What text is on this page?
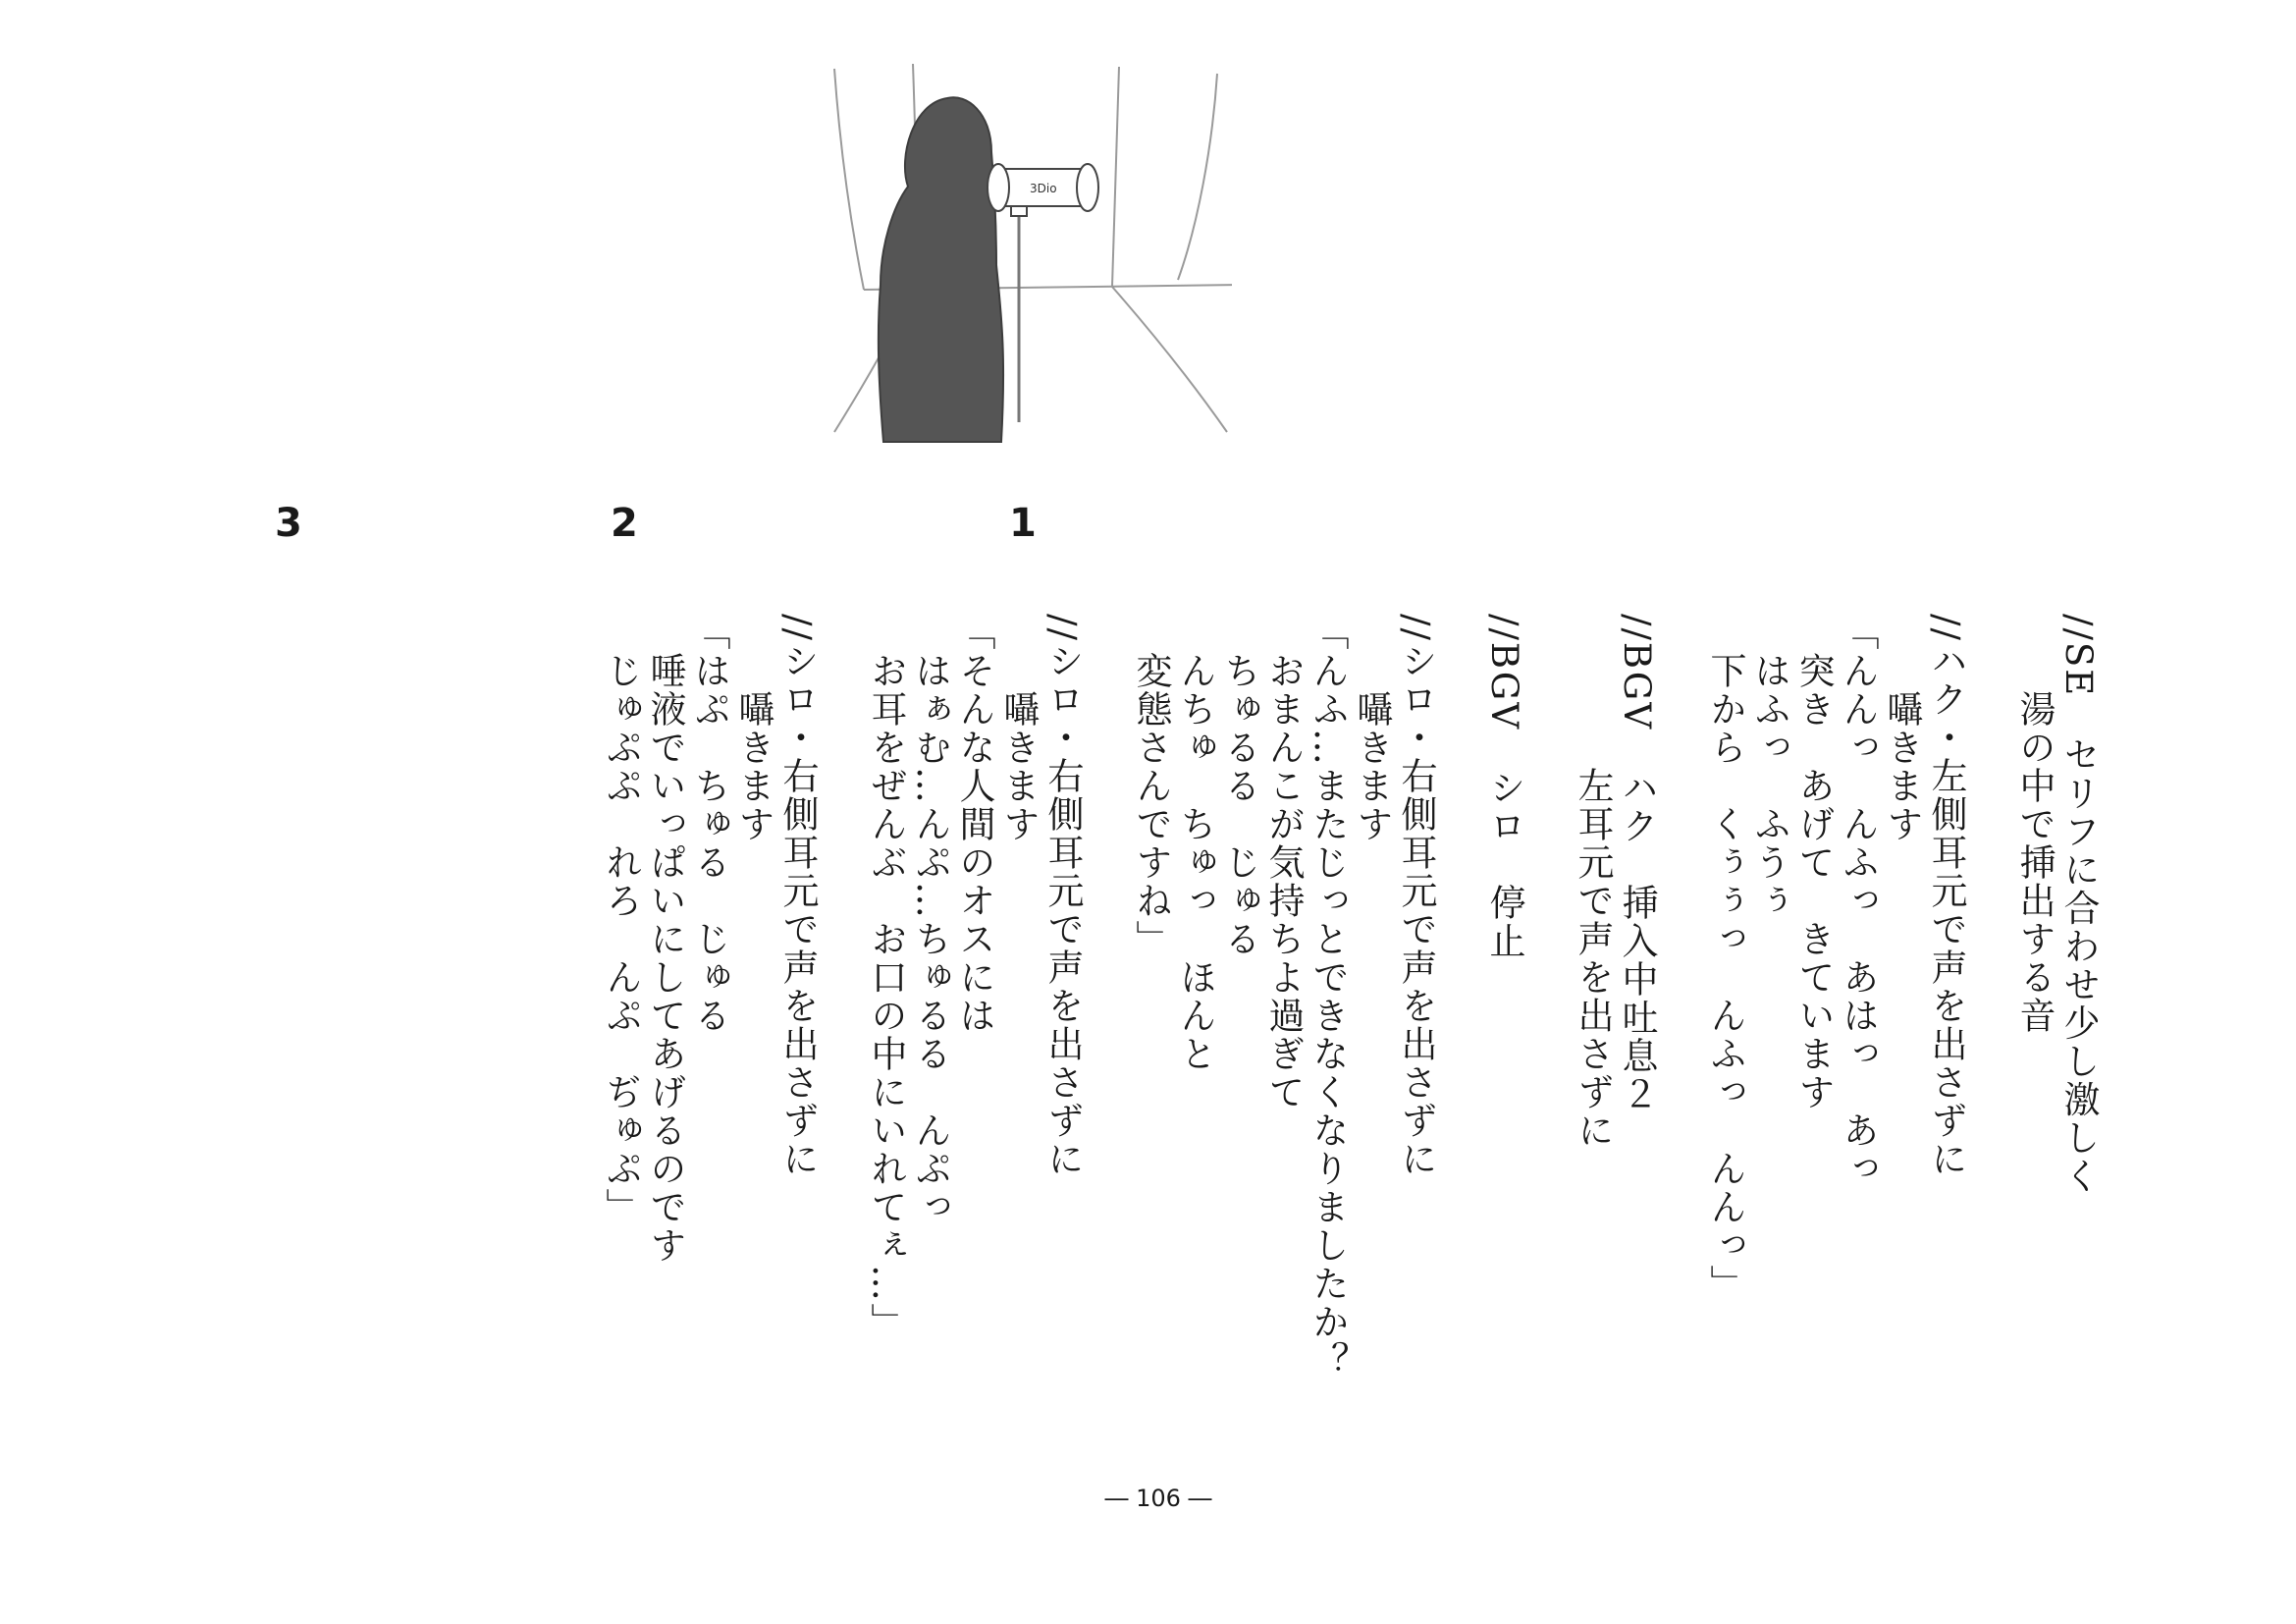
3Dio
1
2
3
//SE　セリフに合わせ少し激しく
　　湯の中で挿出する音
//ハク・左側耳元で声を出さずに
　　囁きます
「んんっ　んふっ　あはっ　あっ
　突き　あげて　きています
　はふっ　ふうぅ
　下から　くぅぅっ　んふっ　んんっ」
//BGV　ハク　挿入中吐息２
　　　　左耳元で声を出さずに
//BGV　シロ　停止
//シロ・右側耳元で声を出さずに
　　囁きます
「んふ…またじっとできなくなりましたか？
　おまんこが気持ちよ過ぎて
　ちゅるる　じゅる
　んちゅ　ちゅっ　ほんと
　変態さんですね」
//シロ・右側耳元で声を出さずに
　　囁きます
「そんな人間のオスには
　はぁむ…んぷ…ちゅるる　んぷっ
　お耳をぜんぶ　お口の中にいれてぇ…」
//シロ・右側耳元で声を出さずに
　　囁きます
「はぷ　ちゅる　じゅる
　唾液でいっぱいにしてあげるのです
　じゅぷぷ　れろ　んぷ　ぢゅぷ」
― 106 ―
